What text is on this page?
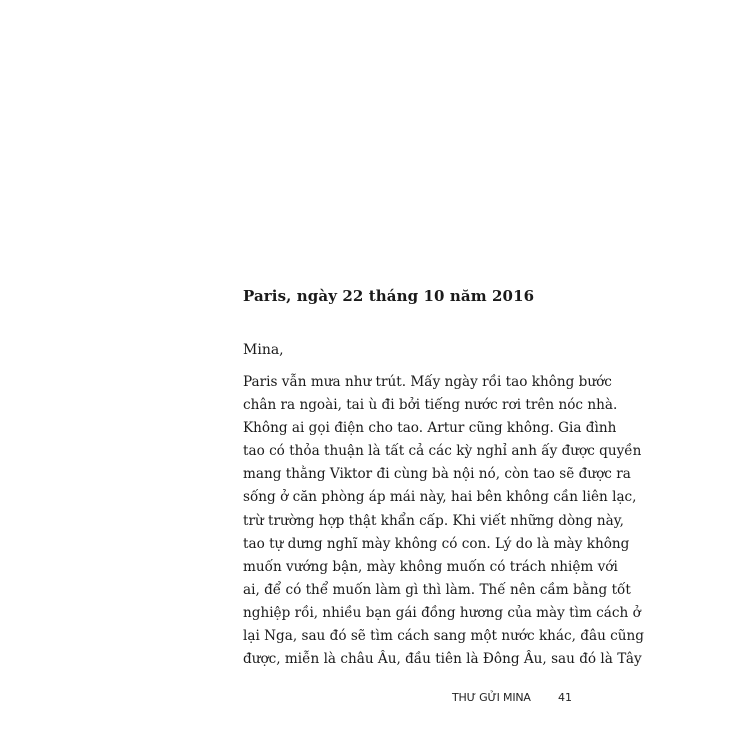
Paris, ngày 22 tháng 10 năm 2016
Mina,
Paris vẫn mưa như trút. Mấy ngày rồi tao không bước
chân ra ngoài, tai ù đi bởi tiếng nước rơi trên nóc nhà.
Không ai gọi điện cho tao. Artur cũng không. Gia đình
tao có thỏa thuận là tất cả các kỳ nghỉ anh ấy được quyền
mang thằng Viktor đi cùng bà nội nó, còn tao sẽ được ra
sống ở căn phòng áp mái này, hai bên không cần liên lạc,
trừ trường hợp thật khẩn cấp. Khi viết những dòng này,
tao tự dưng nghĩ mày không có con. Lý do là mày không
muốn vướng bận, mày không muốn có trách nhiệm với
ai, để có thể muốn làm gì thì làm. Thế nên cầm bằng tốt
nghiệp rồi, nhiều bạn gái đồng hương của mày tìm cách ở
lại Nga, sau đó sẽ tìm cách sang một nước khác, đâu cũng
được, miễn là châu Âu, đầu tiên là Đông Âu, sau đó là Tây
THƯ GỬI MINA 41
